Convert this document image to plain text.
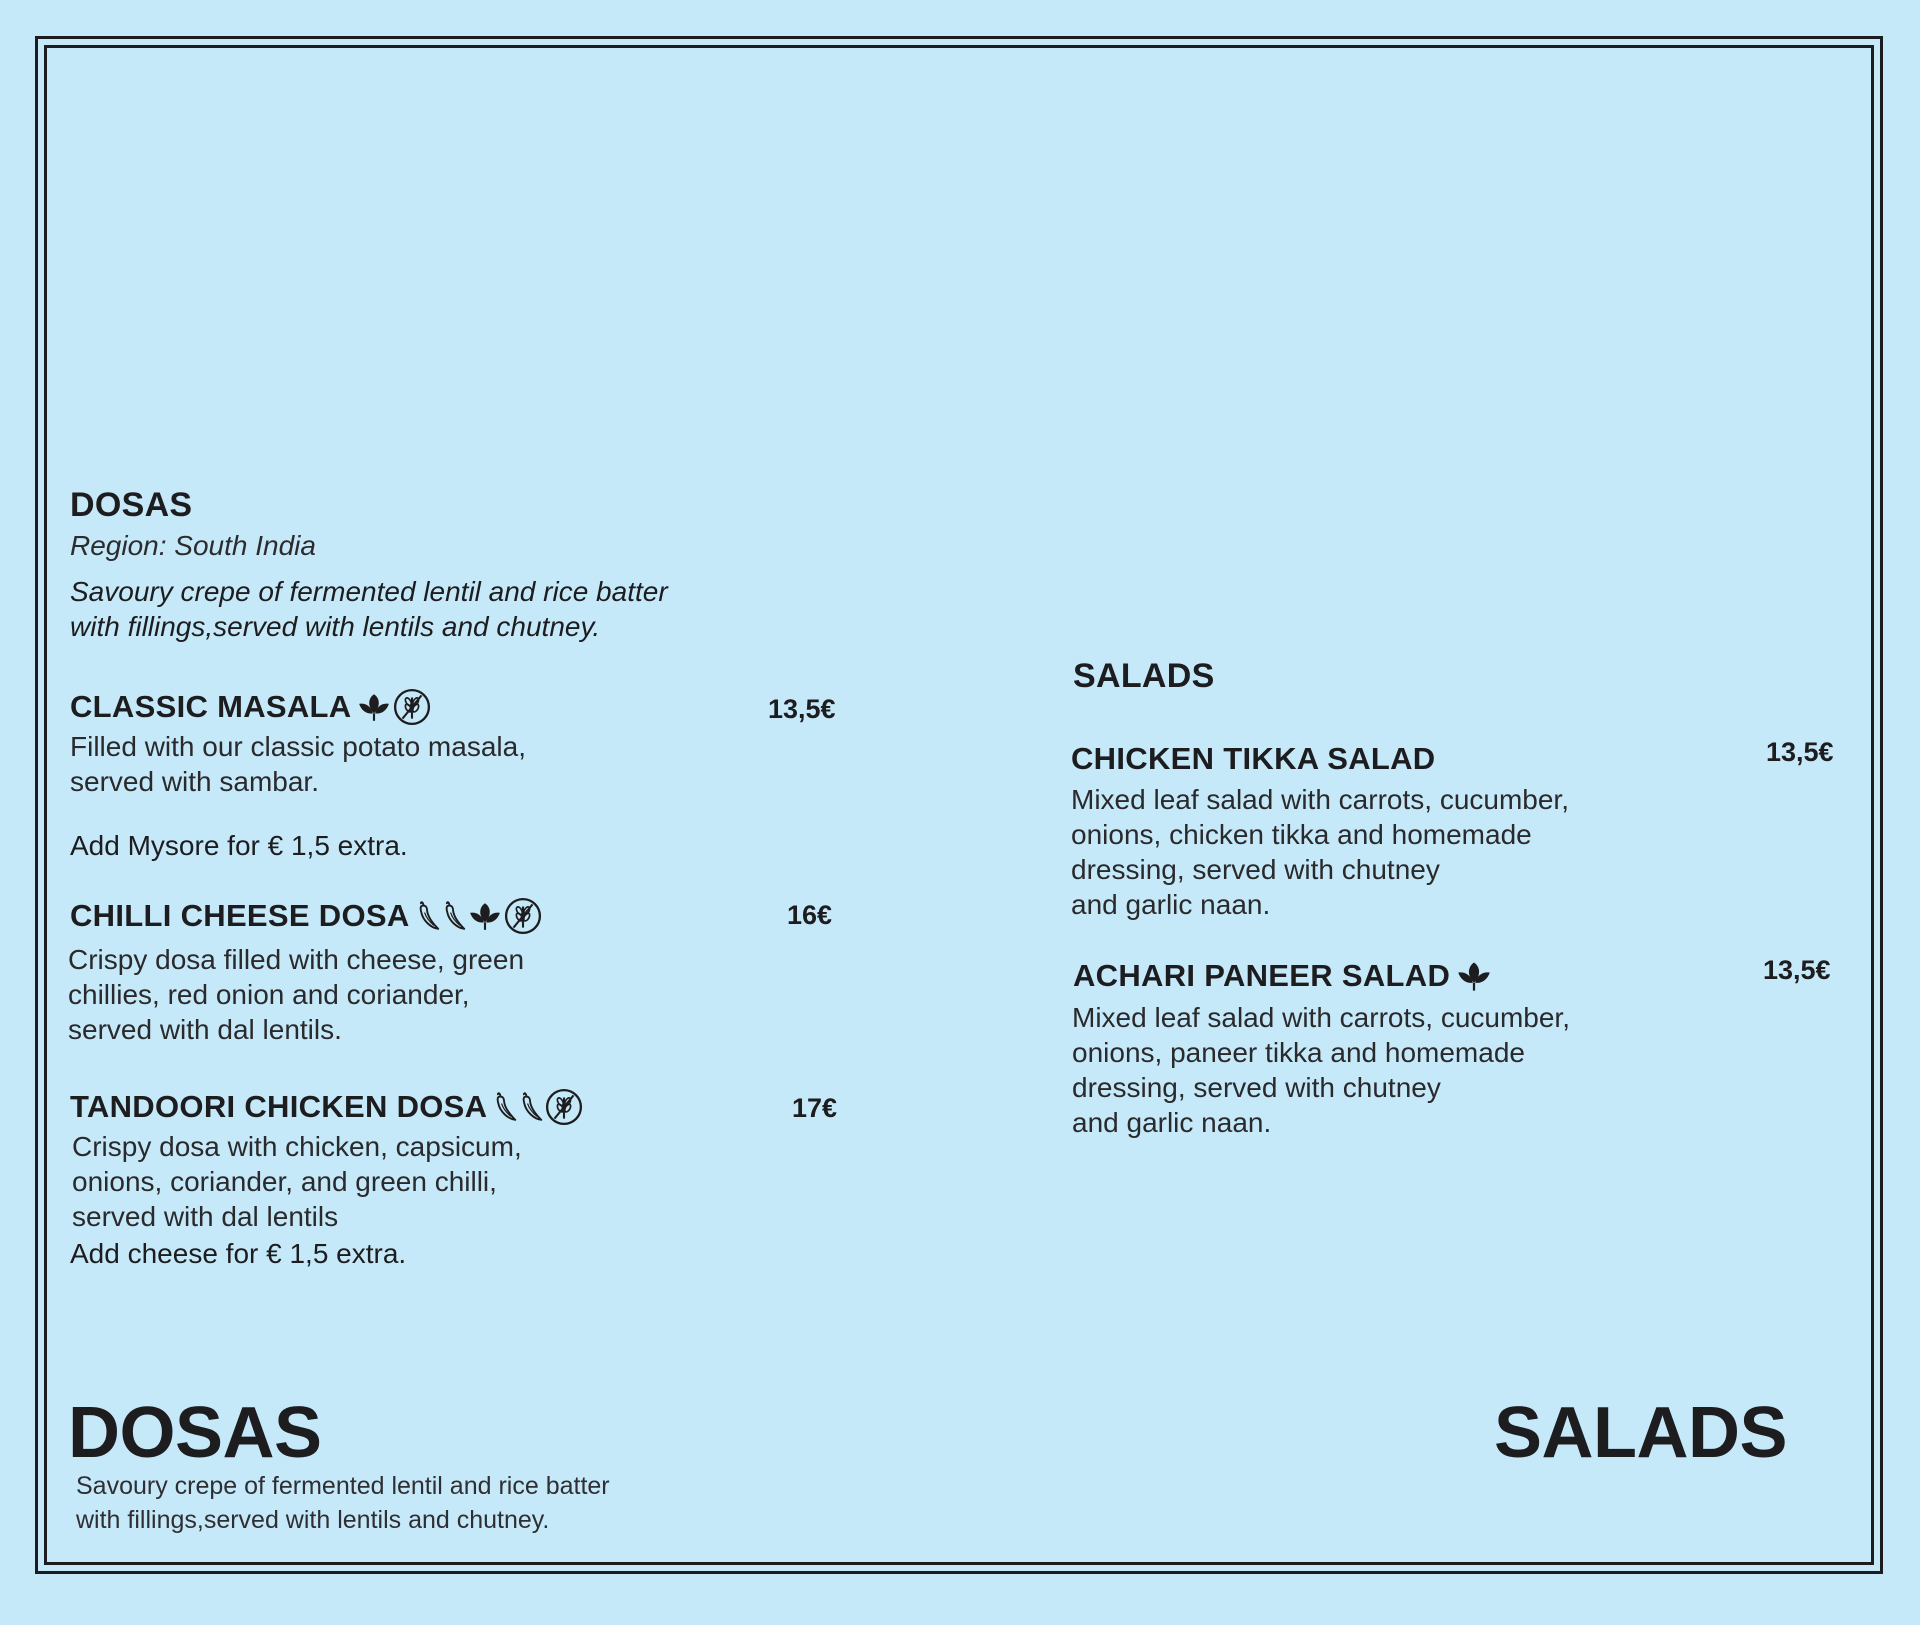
DOSAS

Region: South India

Savoury crepe of fermented lentil and rice batter
with fillings,served with lentils and chutney.

CLASSIC MASALA	13,5€

Filled with our classic potato masala,
served with sambar.

Add Mysore for € 1,5 extra.

CHILLI CHEESE DOSA	16€

Crispy dosa filled with cheese, green
chillies, red onion and coriander,
served with dal lentils.

TANDOORI CHICKEN DOSA	17€

Crispy dosa with chicken, capsicum,
onions, coriander, and green chilli,
served with dal lentils

Add cheese for € 1,5 extra.

SALADS
CHICKEN TIKKA SALAD	13,5€

Mixed leaf salad with carrots, cucumber,
onions, chicken tikka and homemade
dressing, served with chutney
and garlic naan.

ACHARI PANEER SALAD	13,5€

Mixed leaf salad with carrots, cucumber,
onions, paneer tikka and homemade
dressing, served with chutney
and garlic naan.

DOSAS

Savoury crepe of fermented lentil and rice batter
with fillings,served with lentils and chutney.

SALADS
